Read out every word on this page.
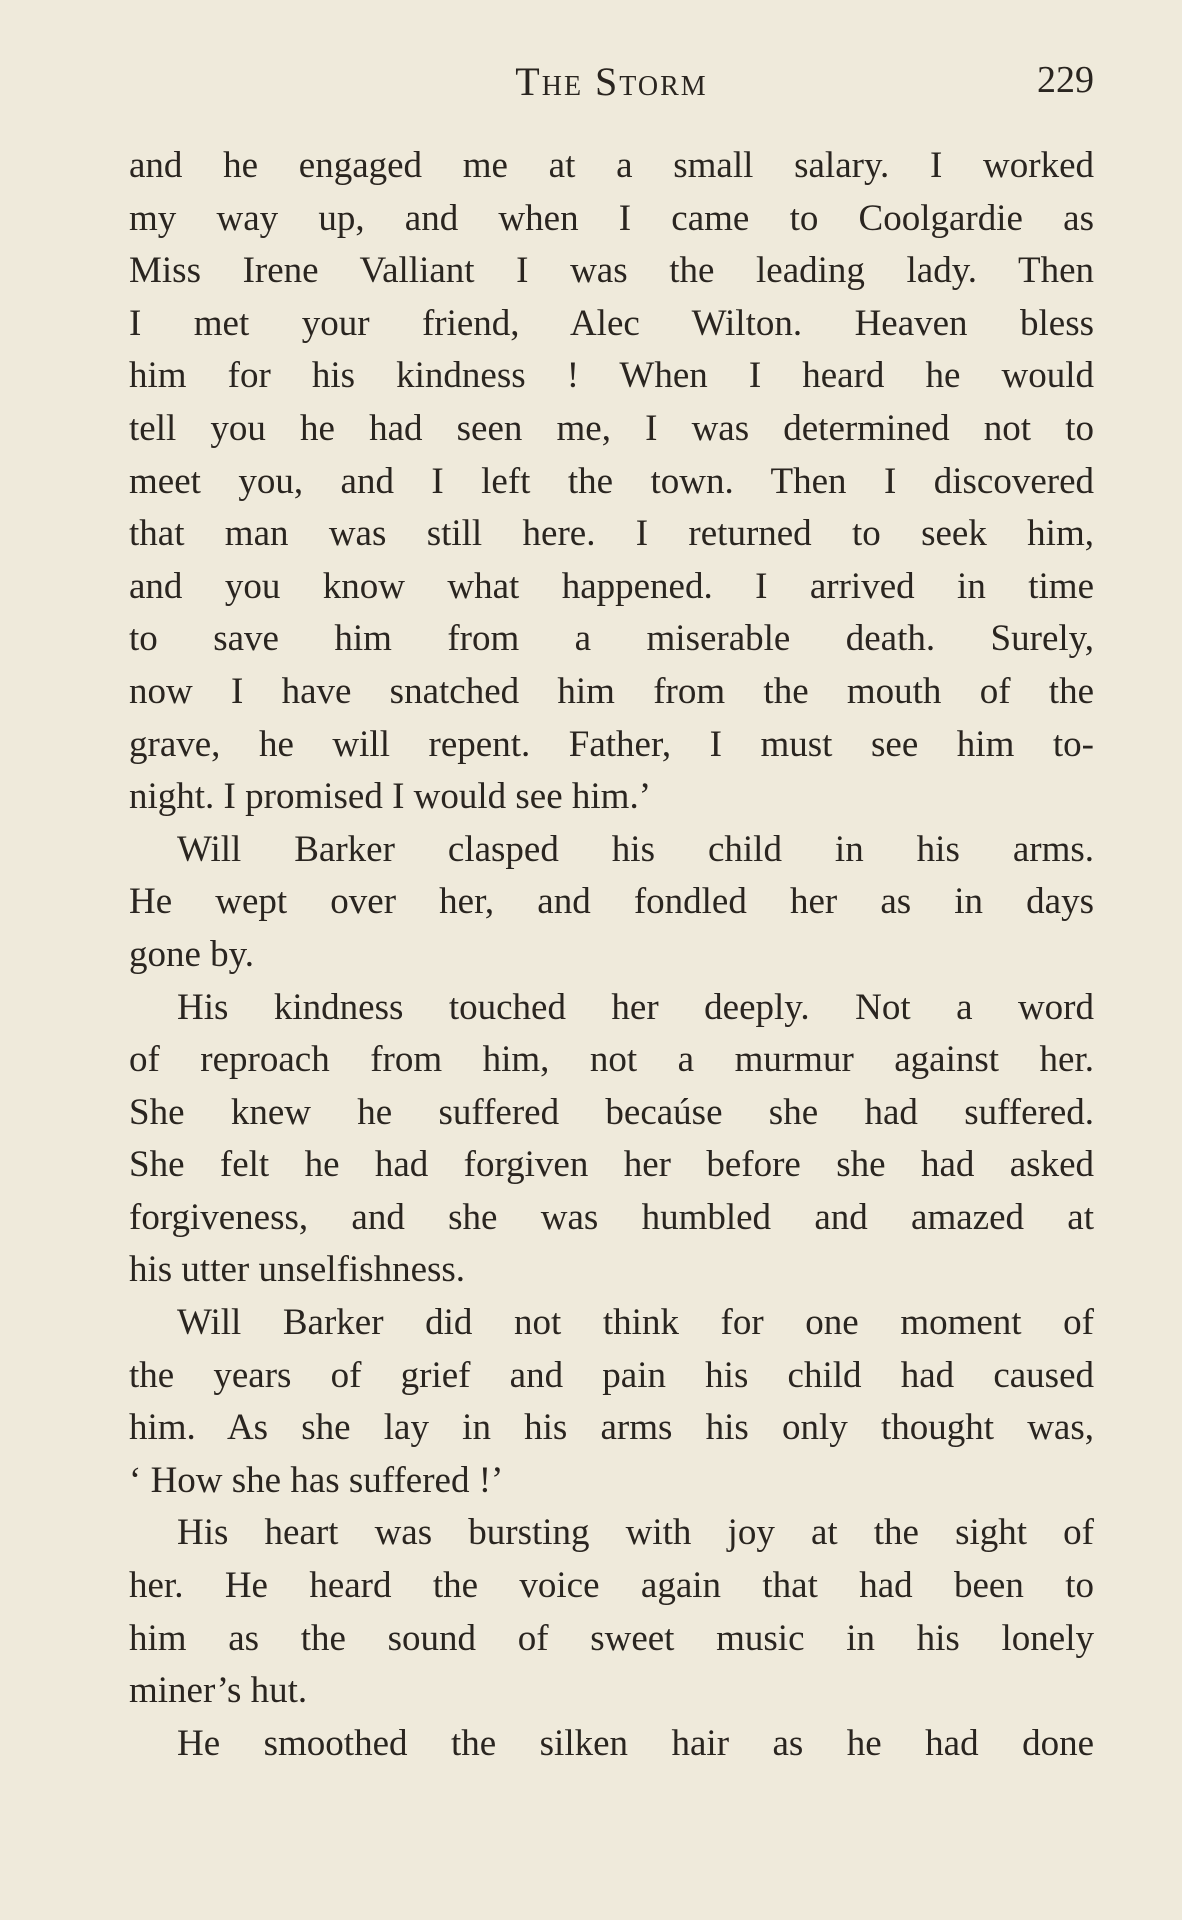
The Storm	229
and he engaged me at a small salary. I worked
my way up, and when I came to Coolgardie as
Miss Irene Valliant I was the leading lady. Then
I met your friend, Alec Wilton. Heaven bless
him for his kindness ! When I heard he would
tell you he had seen me, I was determined not to
meet you, and I left the town. Then I discovered
that man was still here. I returned to seek him,
and you know what happened. I arrived in time
to save him from a miserable death. Surely,
now I have snatched him from the mouth of the
grave, he will repent. Father, I must see him to-
night. I promised I would see him.’
Will Barker clasped his child in his arms.
He wept over her, and fondled her as in days
gone by.
His kindness touched her deeply. Not a word
of reproach from him, not a murmur against her.
She knew he suffered becaúse she had suffered.
She felt he had forgiven her before she had asked
forgiveness, and she was humbled and amazed at
his utter unselfishness.
Will Barker did not think for one moment of
the years of grief and pain his child had caused
him. As she lay in his arms his only thought was,
‘ How she has suffered !’
His heart was bursting with joy at the sight of
her. He heard the voice again that had been to
him as the sound of sweet music in his lonely
miner’s hut.
He smoothed the silken hair as he had done
